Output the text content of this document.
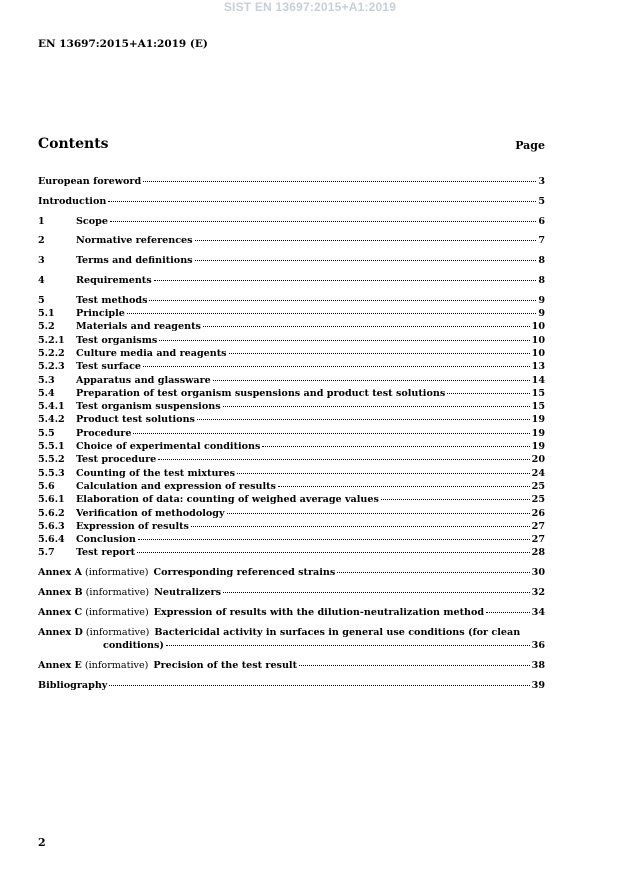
SIST EN 13697:2015+A1:2019
EN 13697:2015+A1:2019 (E)
Contents	Page
European foreword	3
Introduction	5
1	Scope	6
2	Normative references	7
3	Terms and definitions	8
4	Requirements	8
5	Test methods	9
5.1	Principle	9
5.2	Materials and reagents	10
5.2.1	Test organisms	10
5.2.2	Culture media and reagents	10
5.2.3	Test surface	13
5.3	Apparatus and glassware	14
5.4	Preparation of test organism suspensions and product test solutions	15
5.4.1	Test organism suspensions	15
5.4.2	Product test solutions	19
5.5	Procedure	19
5.5.1	Choice of experimental conditions	19
5.5.2	Test procedure	20
5.5.3	Counting of the test mixtures	24
5.6	Calculation and expression of results	25
5.6.1	Elaboration of data: counting of weighed average values	25
5.6.2	Verification of methodology	26
5.6.3	Expression of results	27
5.6.4	Conclusion	27
5.7	Test report	28
Annex A (informative) Corresponding referenced strains	30
Annex B (informative) Neutralizers	32
Annex C (informative) Expression of results with the dilution-neutralization method	34
Annex D (informative) Bactericidal activity in surfaces in general use conditions (for clean
conditions)	36
Annex E (informative) Precision of the test result	38
Bibliography	39
2
